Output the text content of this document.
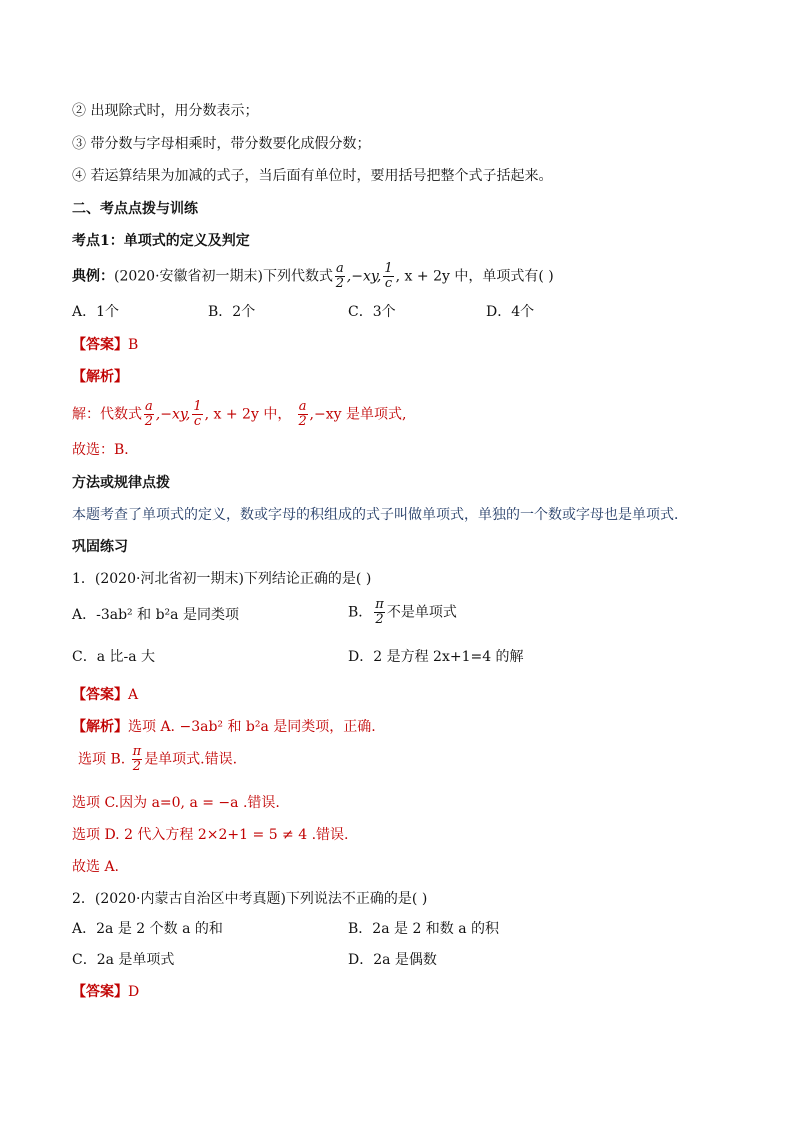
② 出现除式时，用分数表示；
③ 带分数与字母相乘时，带分数要化成假分数；
④ 若运算结果为加减的式子，当后面有单位时，要用括号把整个式子括起来。
二、考点点拨与训练
考点1：单项式的定义及判定
典例：(2020·安徽省初一期末)下列代数式 $\frac{a}{2} ,-xy$, $\frac{1}{c}$ , x + 2y 中，单项式有( )
A．1个	B．2个	C．3个	D．4个
【答案】B
【解析】
解：代数式 $\frac{a}{2} ,-xy$, $\frac{1}{c}$ , x + 2y 中， $\frac{a}{2} ,-xy$ 是单项式,
故选：B．
方法或规律点拨
本题考查了单项式的定义，数或字母的积组成的式子叫做单项式，单独的一个数或字母也是单项式．
巩固练习
1．(2020·河北省初一期末)下列结论正确的是( )
A．-3ab² 和 b²a 是同类项	B． $\frac{\pi}{2}$ 不是单项式
C．a 比-a 大	D．2 是方程 2x+1=4 的解
【答案】A
【解析】选项 A. −3ab² 和 b²a 是同类项，正确.
选项 B. $\frac{\pi}{2}$ 是单项式.错误.
选项 C.因为 a=0, a = −a .错误.
选项 D. 2 代入方程 2×2+1 = 5 ≠ 4 .错误.
故选 A.
2．(2020·内蒙古自治区中考真题)下列说法不正确的是( )
A．2a 是 2 个数 a 的和	B．2a 是 2 和数 a 的积
C．2a 是单项式	D．2a 是偶数
【答案】D
